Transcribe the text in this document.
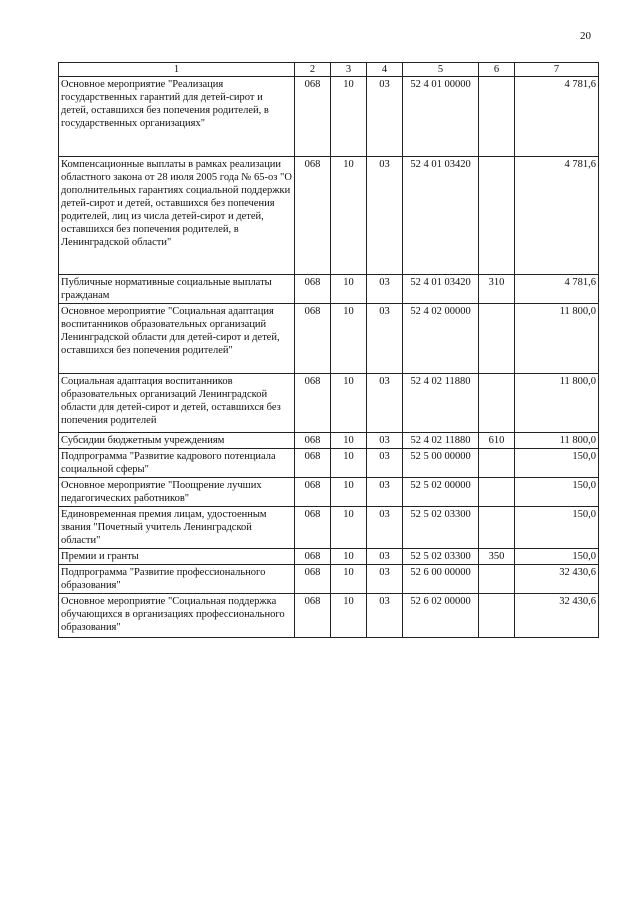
20
1	2	3	4	5	6	7
Основное мероприятие "Реализация государственных гарантий для детей-сирот и детей, оставшихся без попечения родителей, в государственных организациях"	068	10	03	52 4 01 00000		4 781,6
Компенсационные выплаты в рамках реализации областного закона от 28 июля 2005 года № 65-оз "О дополнительных гарантиях социальной поддержки детей-сирот и детей, оставшихся без попечения родителей, лиц из числа детей-сирот и детей, оставшихся без попечения родителей, в Ленинградской области"	068	10	03	52 4 01 03420		4 781,6
Публичные нормативные социальные выплаты гражданам	068	10	03	52 4 01 03420	310	4 781,6
Основное мероприятие "Социальная адаптация воспитанников образовательных организаций Ленинградской области для детей-сирот и детей, оставшихся без попечения родителей"	068	10	03	52 4 02 00000		11 800,0
Социальная адаптация воспитанников образовательных организаций Ленинградской области для детей-сирот и детей, оставшихся без попечения родителей	068	10	03	52 4 02 11880		11 800,0
Субсидии бюджетным учреждениям	068	10	03	52 4 02 11880	610	11 800,0
Подпрограмма "Развитие кадрового потенциала социальной сферы"	068	10	03	52 5 00 00000		150,0
Основное мероприятие "Поощрение лучших педагогических работников"	068	10	03	52 5 02 00000		150,0
Единовременная премия лицам, удостоенным звания "Почетный учитель Ленинградской области"	068	10	03	52 5 02 03300		150,0
Премии и гранты	068	10	03	52 5 02 03300	350	150,0
Подпрограмма "Развитие профессионального образования"	068	10	03	52 6 00 00000		32 430,6
Основное мероприятие "Социальная поддержка обучающихся в организациях профессионального образования"	068	10	03	52 6 02 00000		32 430,6
